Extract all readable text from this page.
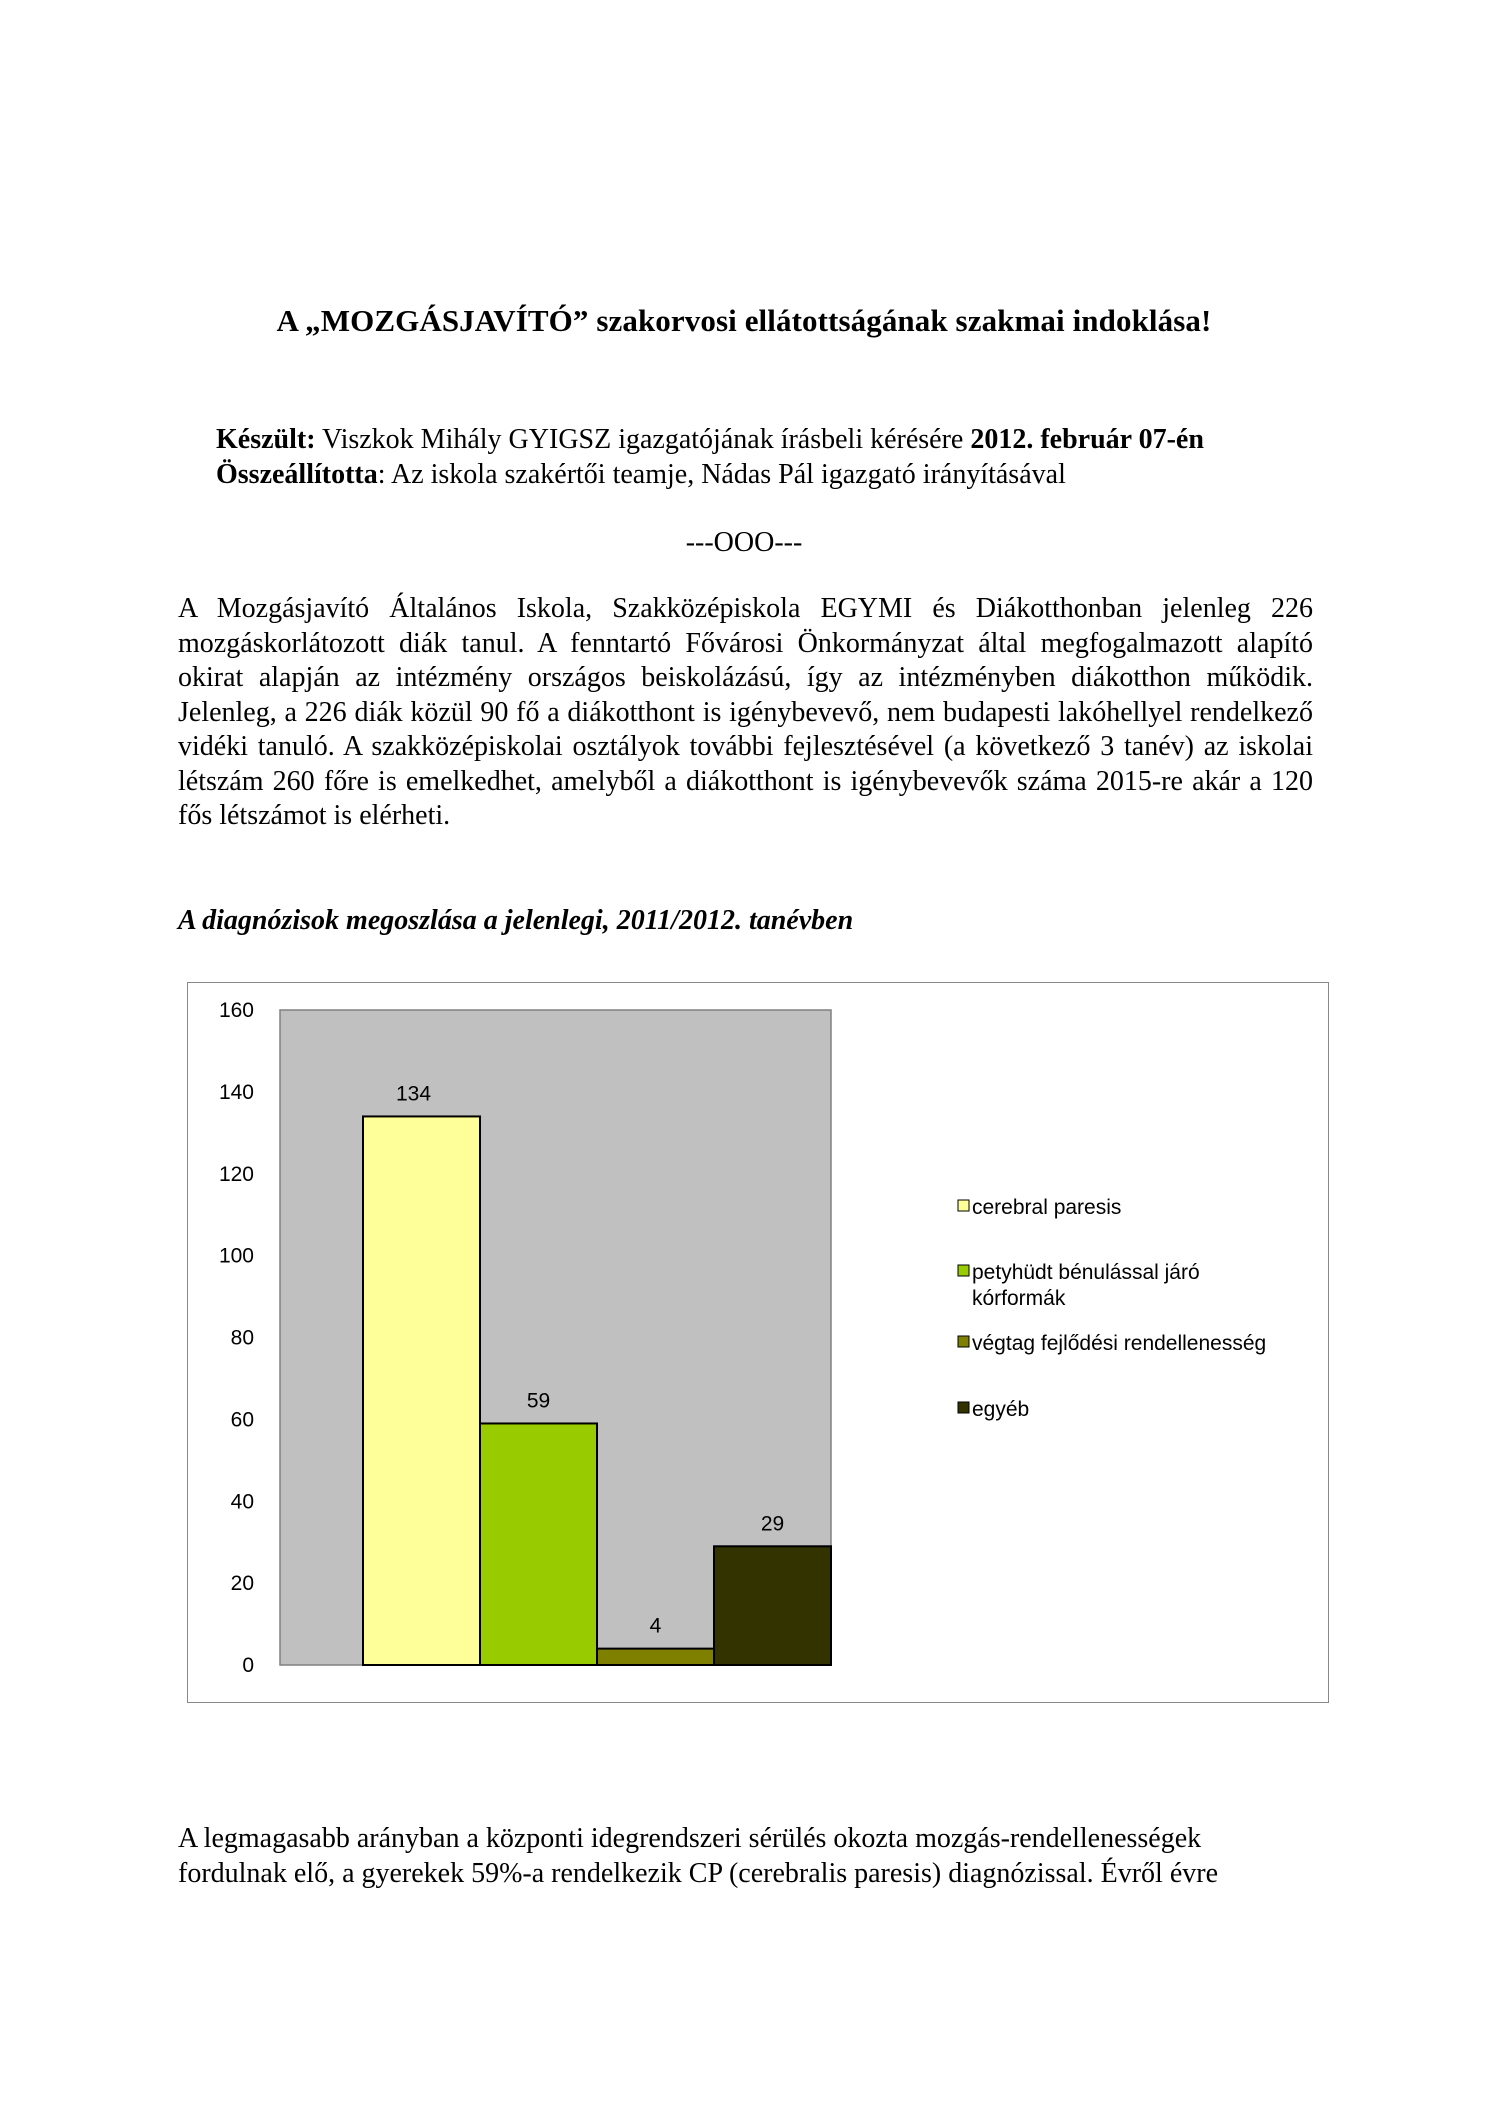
A „MOZGÁSJAVÍTÓ” szakorvosi ellátottságának szakmai indoklása!
Készült: Viszkok Mihály GYIGSZ igazgatójának írásbeli kérésére 2012. február 07-én
Összeállította: Az iskola szakértői teamje, Nádas Pál igazgató irányításával
---OOO---
A Mozgásjavító Általános Iskola, Szakközépiskola EGYMI és Diákotthonban jelenleg 226 mozgáskorlátozott diák tanul. A fenntartó Fővárosi Önkormányzat által megfogalmazott alapító okirat alapján az intézmény országos beiskolázású, így az intézményben diákotthon működik. Jelenleg, a 226 diák közül 90 fő a diákotthont is igénybevevő, nem budapesti lakóhellyel rendelkező vidéki tanuló. A szakközépiskolai osztályok további fejlesztésével (a következő 3 tanév) az iskolai létszám 260 főre is emelkedhet, amelyből a diákotthont is igénybevevők száma 2015-re akár a 120 fős létszámot is elérheti.
A diagnózisok megoszlása a jelenlegi, 2011/2012. tanévben
0
20
40
60
80
100
120
140
160
134
59
4
29
cerebral paresis
petyhüdt bénulással járó
kórformák
végtag fejlődési rendellenesség
egyéb
A legmagasabb arányban a központi idegrendszeri sérülés okozta mozgás-rendellenességek
fordulnak elő, a gyerekek 59%-a rendelkezik CP (cerebralis paresis) diagnózissal. Évről évre
